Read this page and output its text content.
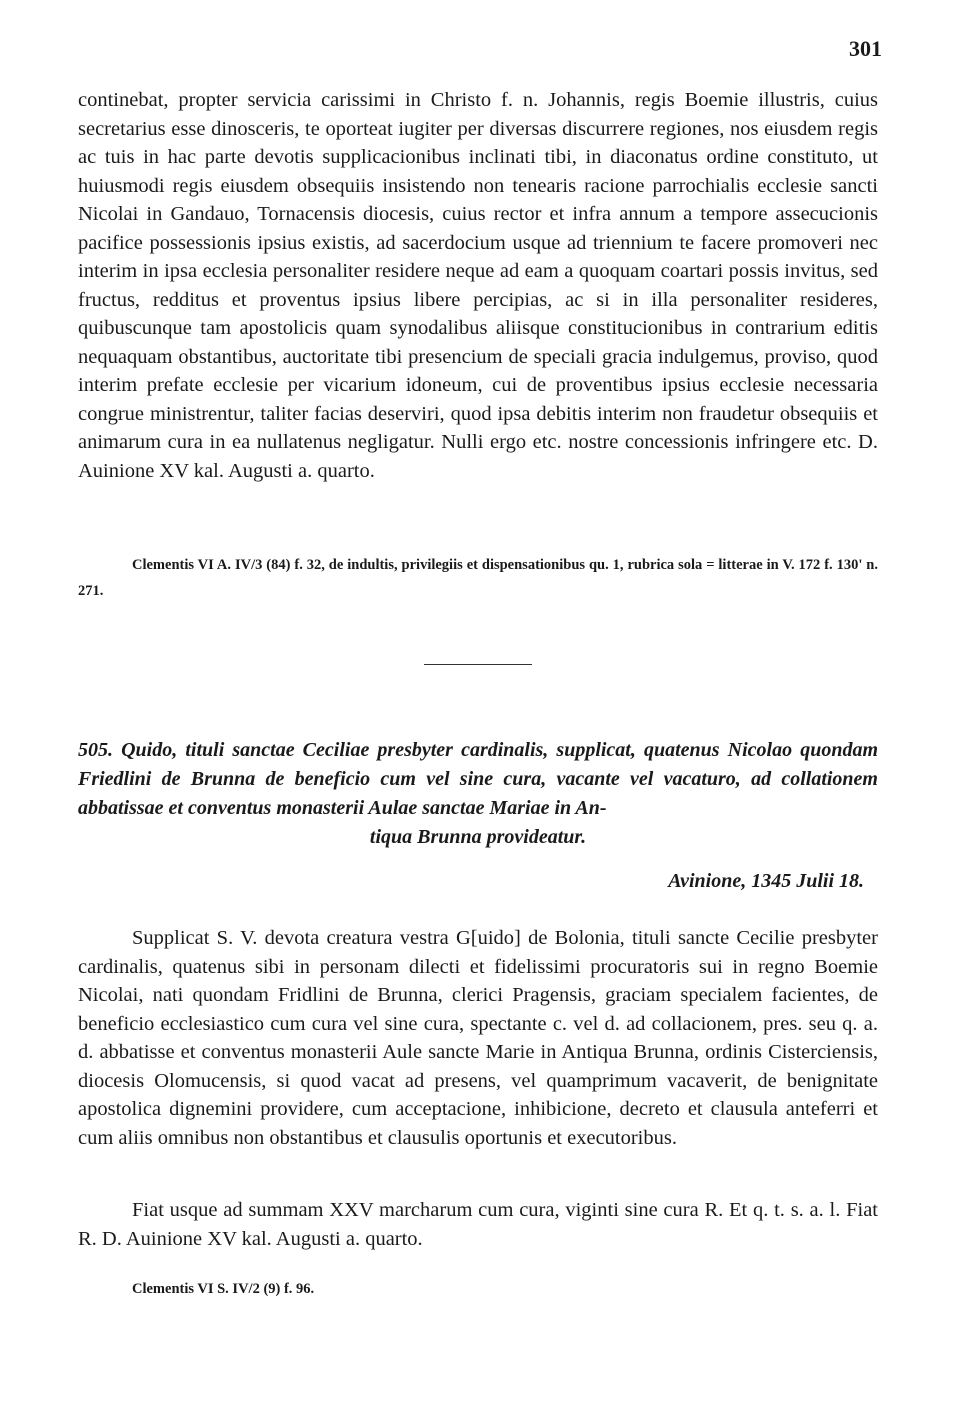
301

continebat, propter servicia carissimi in Christo f. n. Johannis, regis Boemie illustris, cuius secretarius esse dinosceris, te oporteat iugiter per diversas discurrere regiones, nos eiusdem regis ac tuis in hac parte devotis supplicacionibus inclinati tibi, in diaconatus ordine constituto, ut huiusmodi regis eiusdem obsequiis insistendo non tenearis racione parrochialis ecclesie sancti Nicolai in Gandauo, Tornacensis diocesis, cuius rector et infra annum a tempore assecucionis pacifice possessionis ipsius existis, ad sacerdocium usque ad triennium te facere promoveri nec interim in ipsa ecclesia personaliter residere neque ad eam a quoquam coartari possis invitus, sed fructus, redditus et proventus ipsius libere percipias, ac si in illa personaliter resideres, quibuscunque tam apostolicis quam synodalibus aliisque constitucionibus in contrarium editis nequaquam obstantibus, auctoritate tibi presencium de speciali gracia indulgemus, proviso, quod interim prefate ecclesie per vicarium idoneum, cui de proventibus ipsius ecclesie necessaria congrue ministrentur, taliter facias deserviri, quod ipsa debitis interim non fraudetur obsequiis et animarum cura in ea nullatenus negligatur. Nulli ergo etc. nostre concessionis infringere etc. D. Auinione XV kal. Augusti a. quarto.

Clementis VI A. IV/3 (84) f. 32, de indultis, privilegiis et dispensationibus qu. 1, rubrica sola = litterae in V. 172 f. 130' n. 271.

505. Quido, tituli sanctae Ceciliae presbyter cardinalis, supplicat, quatenus Nicolao quondam Friedlini de Brunna de beneficio cum vel sine cura, vacante vel vacaturo, ad collationem abbatissae et conventus monasterii Aulae sanctae Mariae in An-
tiqua Brunna provideatur.

Avinione, 1345 Julii 18.

Supplicat S. V. devota creatura vestra G[uido] de Bolonia, tituli sancte Cecilie presbyter cardinalis, quatenus sibi in personam dilecti et fidelissimi procuratoris sui in regno Boemie Nicolai, nati quondam Fridlini de Brunna, clerici Pragensis, graciam specialem facientes, de beneficio ecclesiastico cum cura vel sine cura, spectante c. vel d. ad collacionem, pres. seu q. a. d. abbatisse et conventus monasterii Aule sancte Marie in Antiqua Brunna, ordinis Cisterciensis, diocesis Olomucensis, si quod vacat ad presens, vel quamprimum vacaverit, de benignitate apostolica dignemini providere, cum acceptacione, inhibicione, decreto et clausula anteferri et cum aliis omnibus non obstantibus et clausulis oportunis et executoribus.

Fiat usque ad summam XXV marcharum cum cura, viginti sine cura R. Et q. t. s. a. l. Fiat R. D. Auinione XV kal. Augusti a. quarto.

Clementis VI S. IV/2 (9) f. 96.
